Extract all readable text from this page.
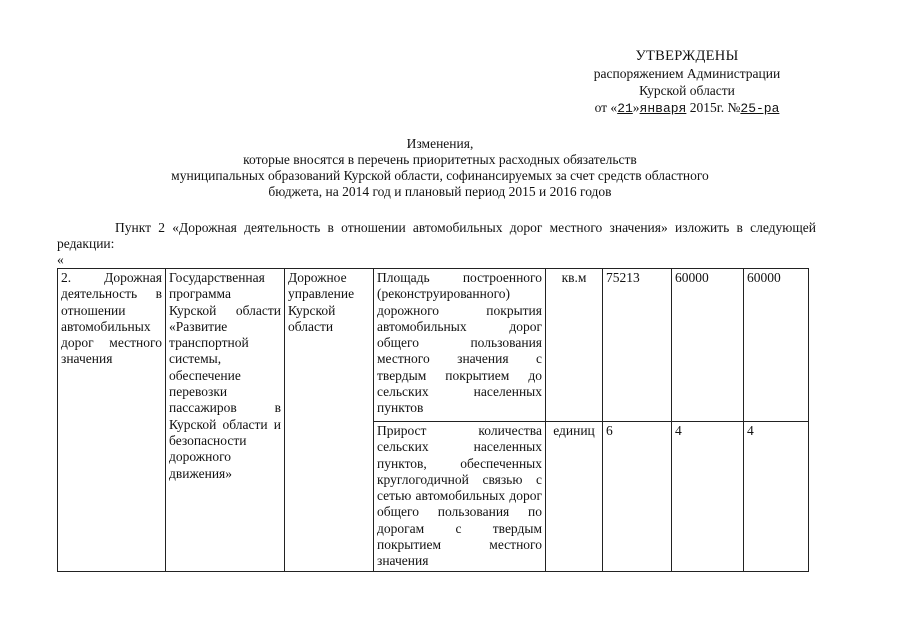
УТВЕРЖДЕНЫ
распоряжением Администрации
Курской области
от «21»января 2015г. №25-ра
Изменения,
которые вносятся в перечень приоритетных расходных обязательств
муниципальных образований Курской области, софинансируемых за счет средств областного
бюджета, на 2014 год и плановый период 2015 и 2016 годов
Пункт 2 «Дорожная деятельность в отношении автомобильных дорог местного значения» изложить в следующей редакции:
«
2. Дорожная деятельность в отношении автомобильных дорог местного значения	Государственная программа Курской области «Развитие транспортной системы, обеспечение перевозки пассажиров в Курской области и безопасности дорожного движения»	Дорожное управление Курской области	Площадь построенного (реконструированного) дорожного покрытия автомобильных дорог общего пользования местного значения с твердым покрытием до сельских населенных пунктов	кв.м	75213	60000	60000
			Прирост количества сельских населенных пунктов, обеспеченных круглогодичной связью с сетью автомобильных дорог общего пользования по дорогам с твердым покрытием местного значения	единиц	6	4	4
